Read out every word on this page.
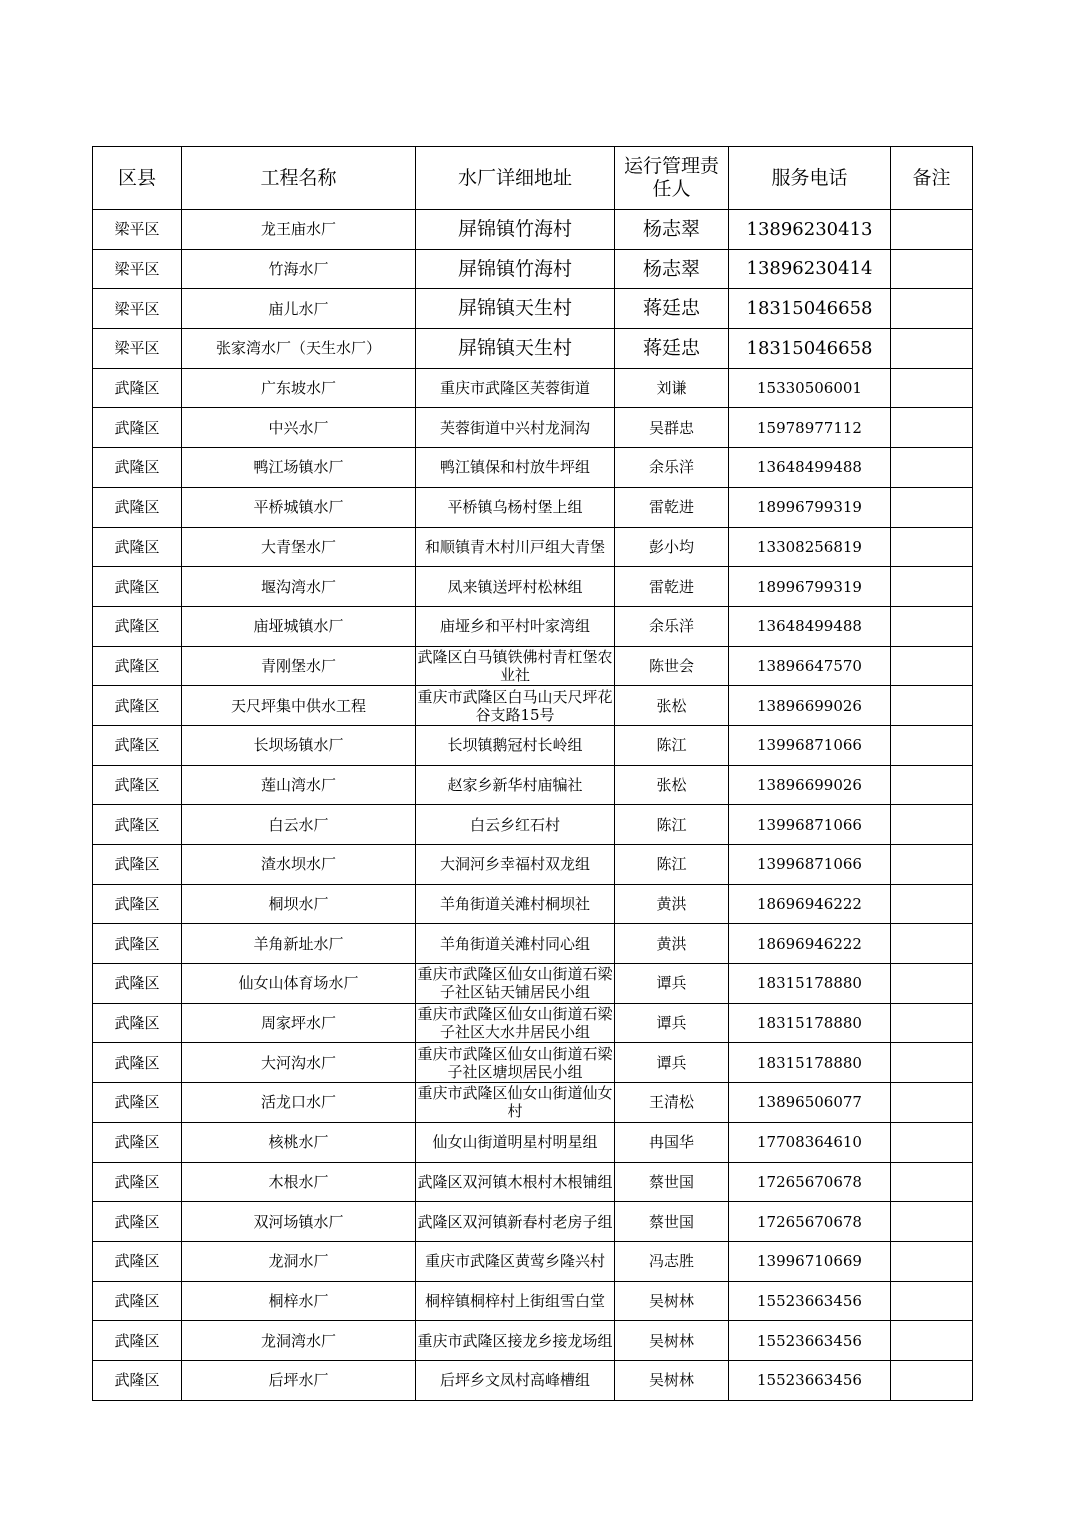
区县	工程名称	水厂详细地址	运行管理责任人	服务电话	备注
梁平区	龙王庙水厂	屏锦镇竹海村	杨志翠	13896230413	
梁平区	竹海水厂	屏锦镇竹海村	杨志翠	13896230414	
梁平区	庙儿水厂	屏锦镇天生村	蒋廷忠	18315046658	
梁平区	张家湾水厂（天生水厂）	屏锦镇天生村	蒋廷忠	18315046658	
武隆区	广东坡水厂	重庆市武隆区芙蓉街道	刘谦	15330506001	
武隆区	中兴水厂	芙蓉街道中兴村龙洞沟	吴群忠	15978977112	
武隆区	鸭江场镇水厂	鸭江镇保和村放牛坪组	余乐洋	13648499488	
武隆区	平桥城镇水厂	平桥镇乌杨村堡上组	雷乾进	18996799319	
武隆区	大青堡水厂	和顺镇青木村川戸组大青堡	彭小均	13308256819	
武隆区	堰沟湾水厂	凤来镇送坪村松林组	雷乾进	18996799319	
武隆区	庙垭城镇水厂	庙垭乡和平村叶家湾组	余乐洋	13648499488	
武隆区	青刚堡水厂	武隆区白马镇铁佛村青杠堡农业社	陈世会	13896647570	
武隆区	天尺坪集中供水工程	重庆市武隆区白马山天尺坪花谷支路15号	张松	13896699026	
武隆区	长坝场镇水厂	长坝镇鹅冠村长岭组	陈江	13996871066	
武隆区	莲山湾水厂	赵家乡新华村庙犏社	张松	13896699026	
武隆区	白云水厂	白云乡红石村	陈江	13996871066	
武隆区	渣水坝水厂	大洞河乡幸福村双龙组	陈江	13996871066	
武隆区	桐坝水厂	羊角街道关滩村桐坝社	黄洪	18696946222	
武隆区	羊角新址水厂	羊角街道关滩村同心组	黄洪	18696946222	
武隆区	仙女山体育场水厂	重庆市武隆区仙女山街道石梁子社区钻天铺居民小组	谭兵	18315178880	
武隆区	周家坪水厂	重庆市武隆区仙女山街道石梁子社区大水井居民小组	谭兵	18315178880	
武隆区	大河沟水厂	重庆市武隆区仙女山街道石梁子社区塘坝居民小组	谭兵	18315178880	
武隆区	活龙口水厂	重庆市武隆区仙女山街道仙女村	王清松	13896506077	
武隆区	核桃水厂	仙女山街道明星村明星组	冉国华	17708364610	
武隆区	木根水厂	武隆区双河镇木根村木根铺组	蔡世国	17265670678	
武隆区	双河场镇水厂	武隆区双河镇新春村老房子组	蔡世国	17265670678	
武隆区	龙洞水厂	重庆市武隆区黄莺乡隆兴村	冯志胜	13996710669	
武隆区	桐梓水厂	桐梓镇桐梓村上街组雪白堂	吴树林	15523663456	
武隆区	龙洞湾水厂	重庆市武隆区接龙乡接龙场组	吴树林	15523663456	
武隆区	后坪水厂	后坪乡文凤村高峰槽组	吴树林	15523663456	
